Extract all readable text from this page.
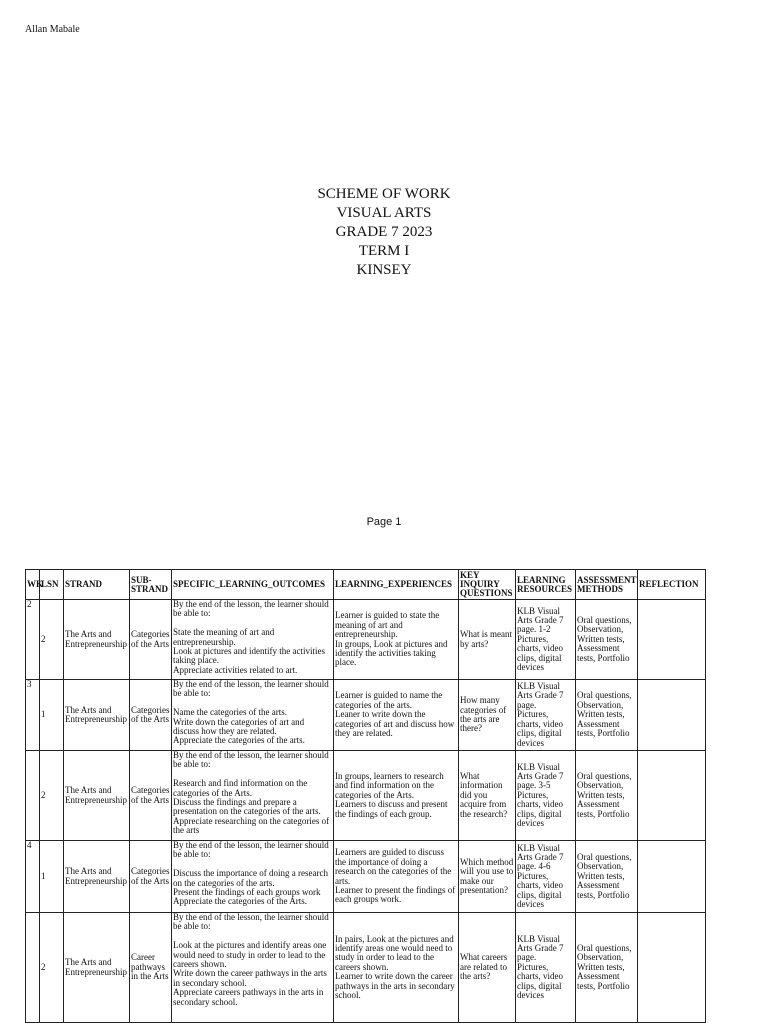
Allan Mabale
SCHEME OF WORK
VISUAL ARTS
GRADE 7 2023
TERM I
KINSEY
Page 1
WK	LSN	STRAND	SUB-STRAND	SPECIFIC_LEARNING_OUTCOMES	LEARNING_EXPERIENCES	KEY INQUIRY QUESTIONS	LEARNING RESOURCES	ASSESSMENT METHODS	REFLECTION
2	2	The Arts and Entrepreneurship	Categories of the Arts	By the end of the lesson, the learner should be able to:

State the meaning of art and entrepreneurship.
Look at pictures and identify the activities taking place.
Appreciate activities related to art.	Learner is guided to state the meaning of art and entrepreneurship.
In groups, Look at pictures and identify the activities taking place.	What is meant by arts?	KLB Visual Arts Grade 7 page. 1-2
Pictures, charts, video clips, digital devices	Oral questions, Observation, Written tests, Assessment tests, Portfolio	
3	1	The Arts and Entrepreneurship	Categories of the Arts	By the end of the lesson, the learner should be able to:

Name the categories of the arts.
Write down the categories of art and discuss how they are related.
Appreciate the categories of the arts.	Learner is guided to name the categories of the arts.
Leaner to write down the categories of art and discuss how they are related.	How many categories of the arts are there?	KLB Visual Arts Grade 7 page.
Pictures, charts, video clips, digital devices	Oral questions, Observation, Written tests, Assessment tests, Portfolio	
	2	The Arts and Entrepreneurship	Categories of the Arts	By the end of the lesson, the learner should be able to:

Research and find information on the categories of the Arts.
Discuss the findings and prepare a presentation on the categories of the arts.
Appreciate researching on the categories of the arts	In groups, learners to research and find information on the categories of the Arts.
Learners to discuss and present the findings of each group.	What information did you acquire from the research?	KLB Visual Arts Grade 7 page. 3-5
Pictures, charts, video clips, digital devices	Oral questions, Observation, Written tests, Assessment tests, Portfolio	
4	1	The Arts and Entrepreneurship	Categories of the Arts	By the end of the lesson, the learner should be able to:

Discuss the importance of doing a research on the categories of the arts.
Present the findings of each groups work
Appreciate the categories of the Arts.	Learners are guided to discuss the importance of doing a research on the categories of the arts.
Learner to present the findings of each groups work.	Which method will you use to make our presentation?	KLB Visual Arts Grade 7 page. 4-6
Pictures, charts, video clips, digital devices	Oral questions, Observation, Written tests, Assessment tests, Portfolio	
	2	The Arts and Entrepreneurship	Career pathways in the Arts	By the end of the lesson, the learner should be able to:

Look at the pictures and identify areas one would need to study in order to lead to the careers shown.
Write down the career pathways in the arts in secondary school.
Appreciate careers pathways in the arts in secondary school.	In pairs, Look at the pictures and identify areas one would need to study in order to lead to the careers shown.
Learner to write down the career pathways in the arts in secondary school.	What careers are related to the arts?	KLB Visual Arts Grade 7 page.
Pictures, charts, video clips, digital devices	Oral questions, Observation, Written tests, Assessment tests, Portfolio	
